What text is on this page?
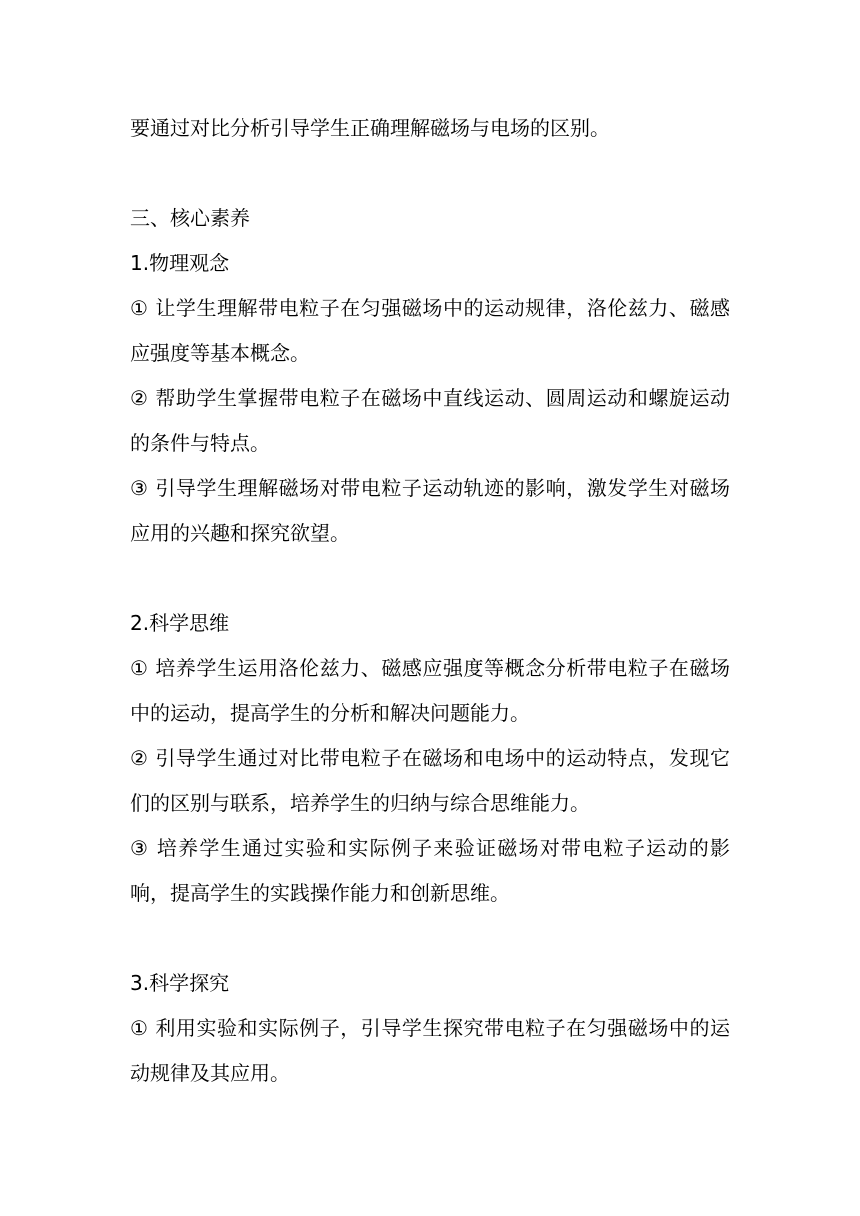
要通过对比分析引导学生正确理解磁场与电场的区别。
三、核心素养
1.物理观念
① 让学生理解带电粒子在匀强磁场中的运动规律，洛伦兹力、磁感
应强度等基本概念。
② 帮助学生掌握带电粒子在磁场中直线运动、圆周运动和螺旋运动
的条件与特点。
③ 引导学生理解磁场对带电粒子运动轨迹的影响，激发学生对磁场
应用的兴趣和探究欲望。
2.科学思维
① 培养学生运用洛伦兹力、磁感应强度等概念分析带电粒子在磁场
中的运动，提高学生的分析和解决问题能力。
② 引导学生通过对比带电粒子在磁场和电场中的运动特点，发现它
们的区别与联系，培养学生的归纳与综合思维能力。
③ 培养学生通过实验和实际例子来验证磁场对带电粒子运动的影
响，提高学生的实践操作能力和创新思维。
3.科学探究
① 利用实验和实际例子，引导学生探究带电粒子在匀强磁场中的运
动规律及其应用。
